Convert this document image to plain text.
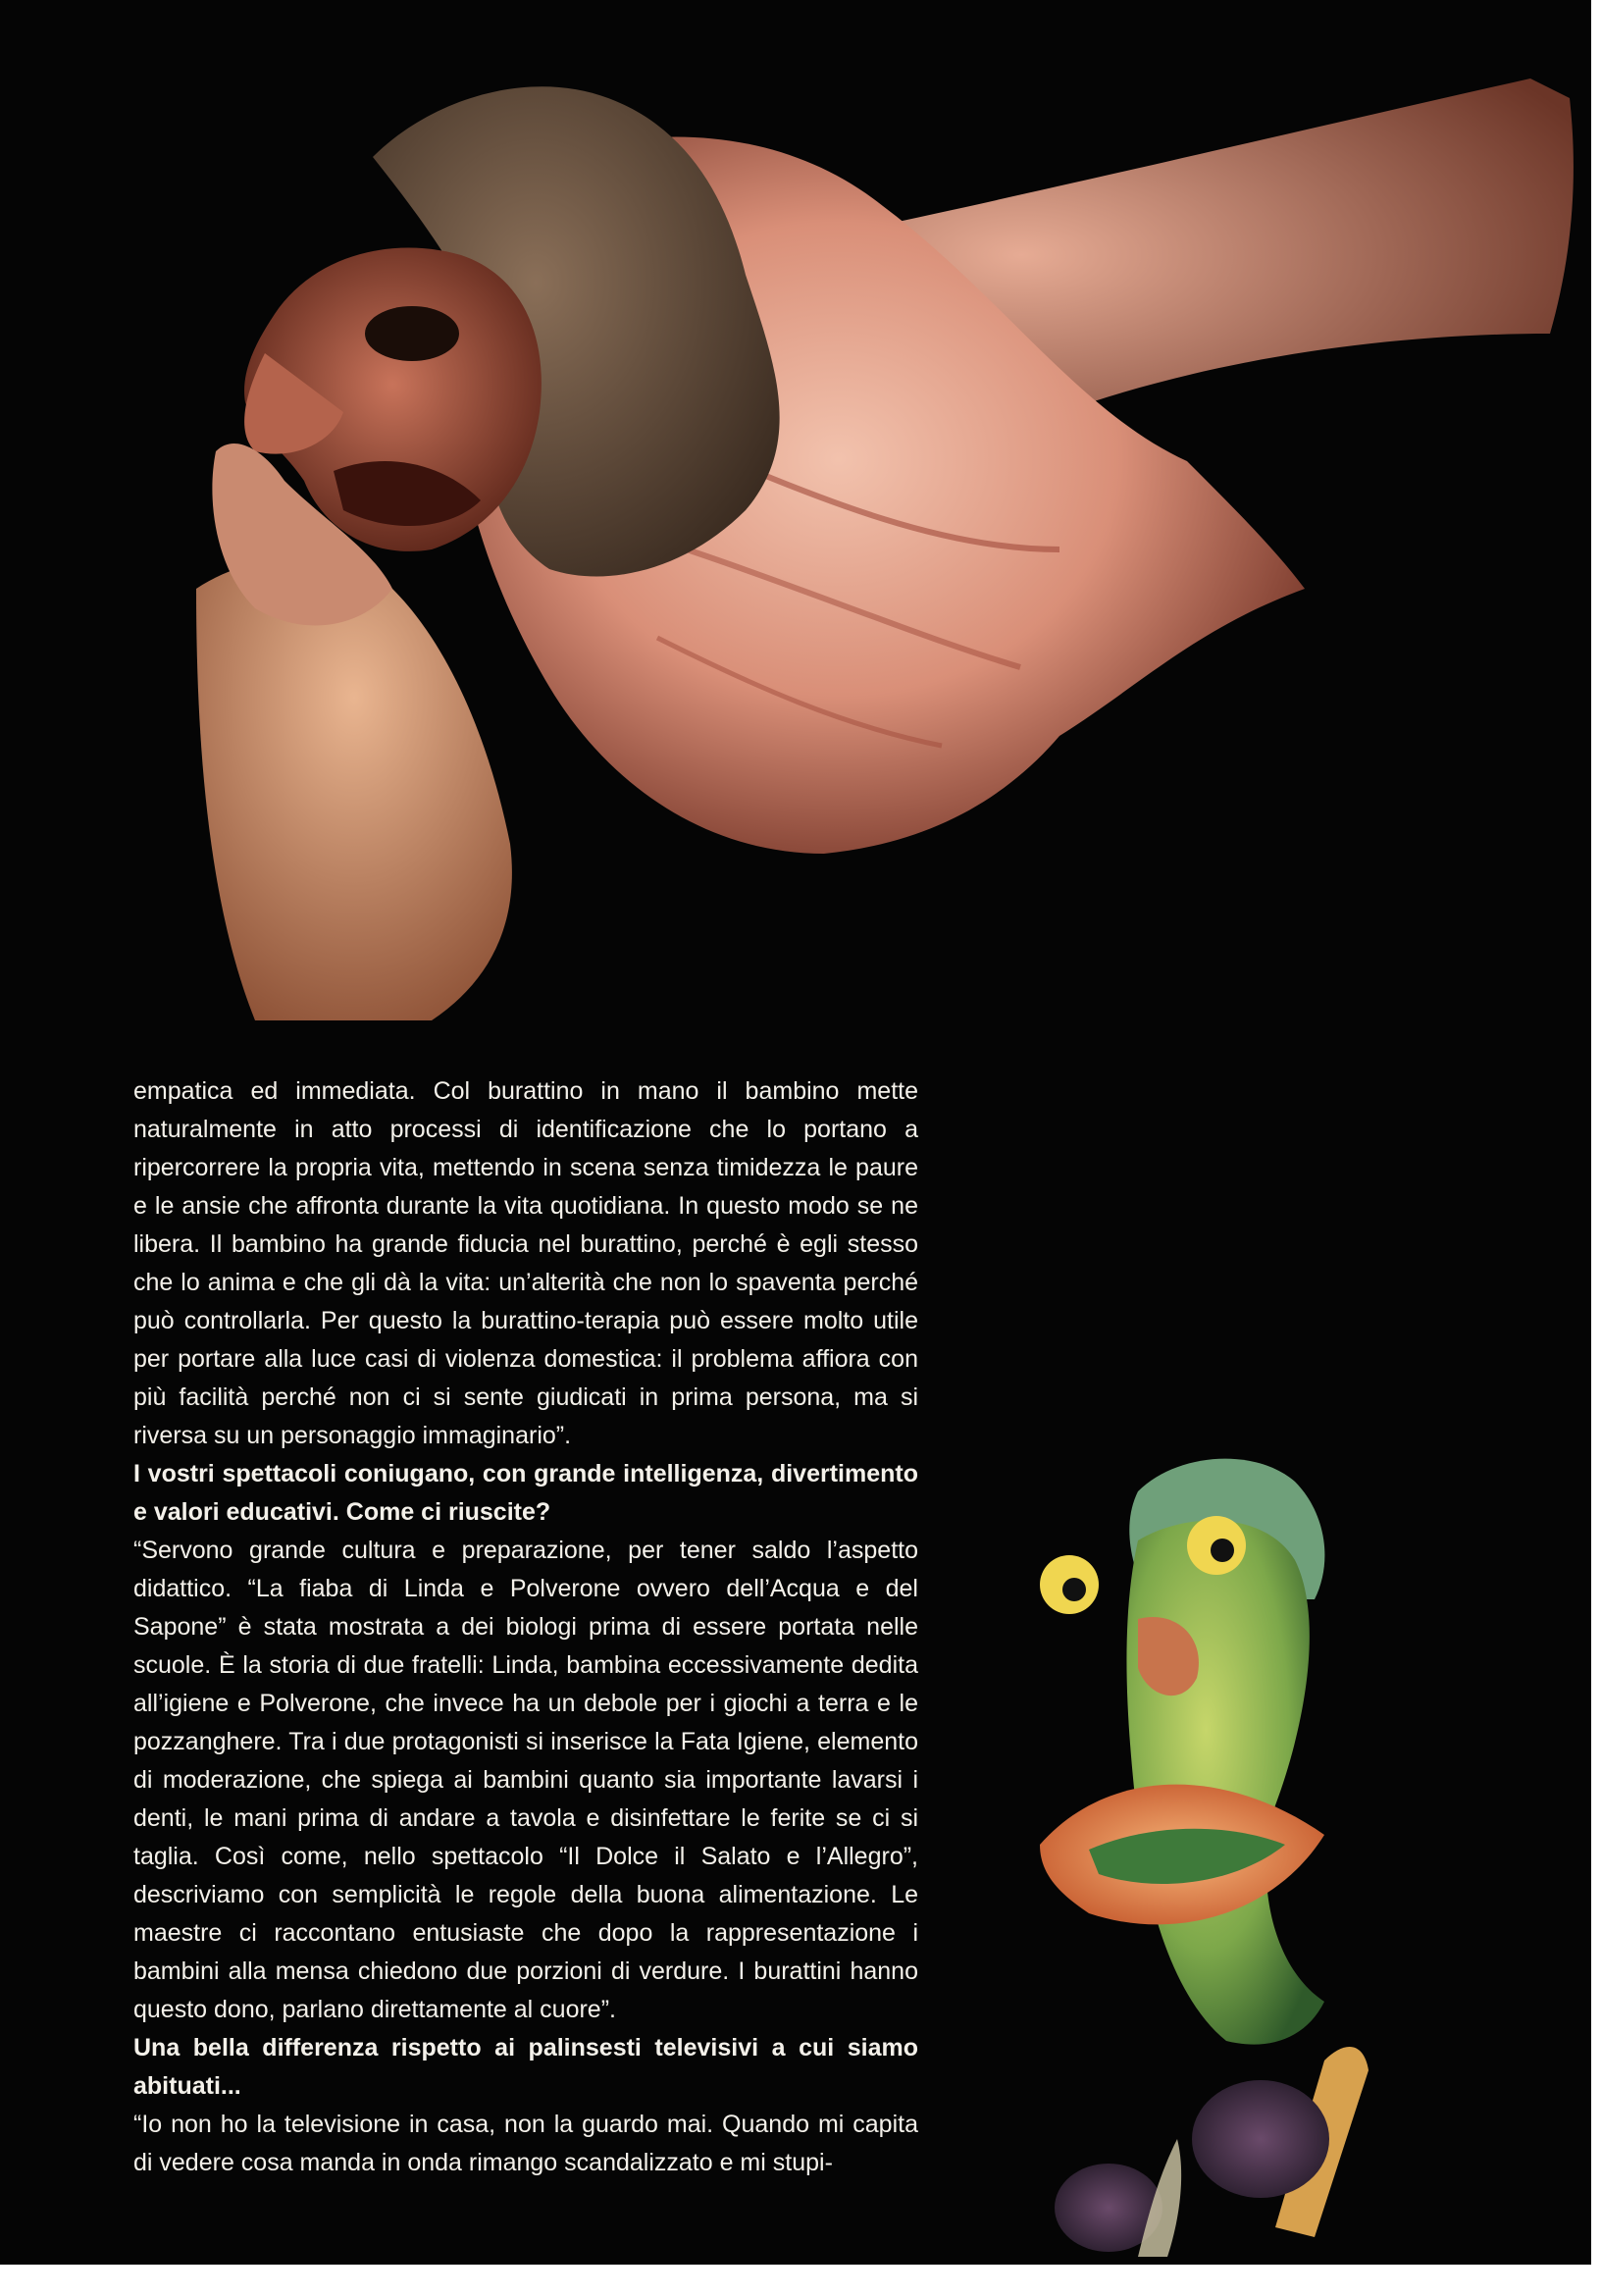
empatica ed immediata. Col burattino in mano il bambino mette naturalmente in atto processi di identificazione che lo portano a ripercorrere la propria vita, mettendo in scena senza timidezza le paure e le ansie che affronta durante la vita quotidiana. In questo modo se ne libera. Il bambino ha grande fiducia nel burattino, perché è egli stesso che lo anima e che gli dà la vita: un’alterità che non lo spaventa perché può controllarla. Per questo la burattino-terapia può essere molto utile per portare alla luce casi di violenza domestica: il problema affiora con più facilità perché non ci si sente giudicati in prima persona, ma si riversa su un personaggio immaginario”.

I vostri spettacoli coniugano, con grande intelligenza, divertimento e valori educativi. Come ci riuscite?

“Servono grande cultura e preparazione, per tener saldo l’aspetto didattico. “La fiaba di Linda e Polverone ovvero dell’Acqua e del Sapone” è stata mostrata a dei biologi prima di essere portata nelle scuole. È la storia di due fratelli: Linda, bambina eccessivamente dedita all’igiene e Polverone, che invece ha un debole per i giochi a terra e le pozzanghere. Tra i due protagonisti si inserisce la Fata Igiene, elemento di moderazione, che spiega ai bambini quanto sia importante lavarsi i denti, le mani prima di andare a tavola e disinfettare le ferite se ci si taglia. Così come, nello spettacolo “Il Dolce il Salato e l’Allegro”, descriviamo con semplicità le regole della buona alimentazione. Le maestre ci raccontano entusiaste che dopo la rappresentazione i bambini alla mensa chiedono due porzioni di verdure. I burattini hanno questo dono, parlano direttamente al cuore”.

Una bella differenza rispetto ai palinsesti televisivi a cui siamo abituati...

“Io non ho la televisione in casa, non la guardo mai. Quando mi capita di vedere cosa manda in onda rimango scandalizzato e mi stupi-
